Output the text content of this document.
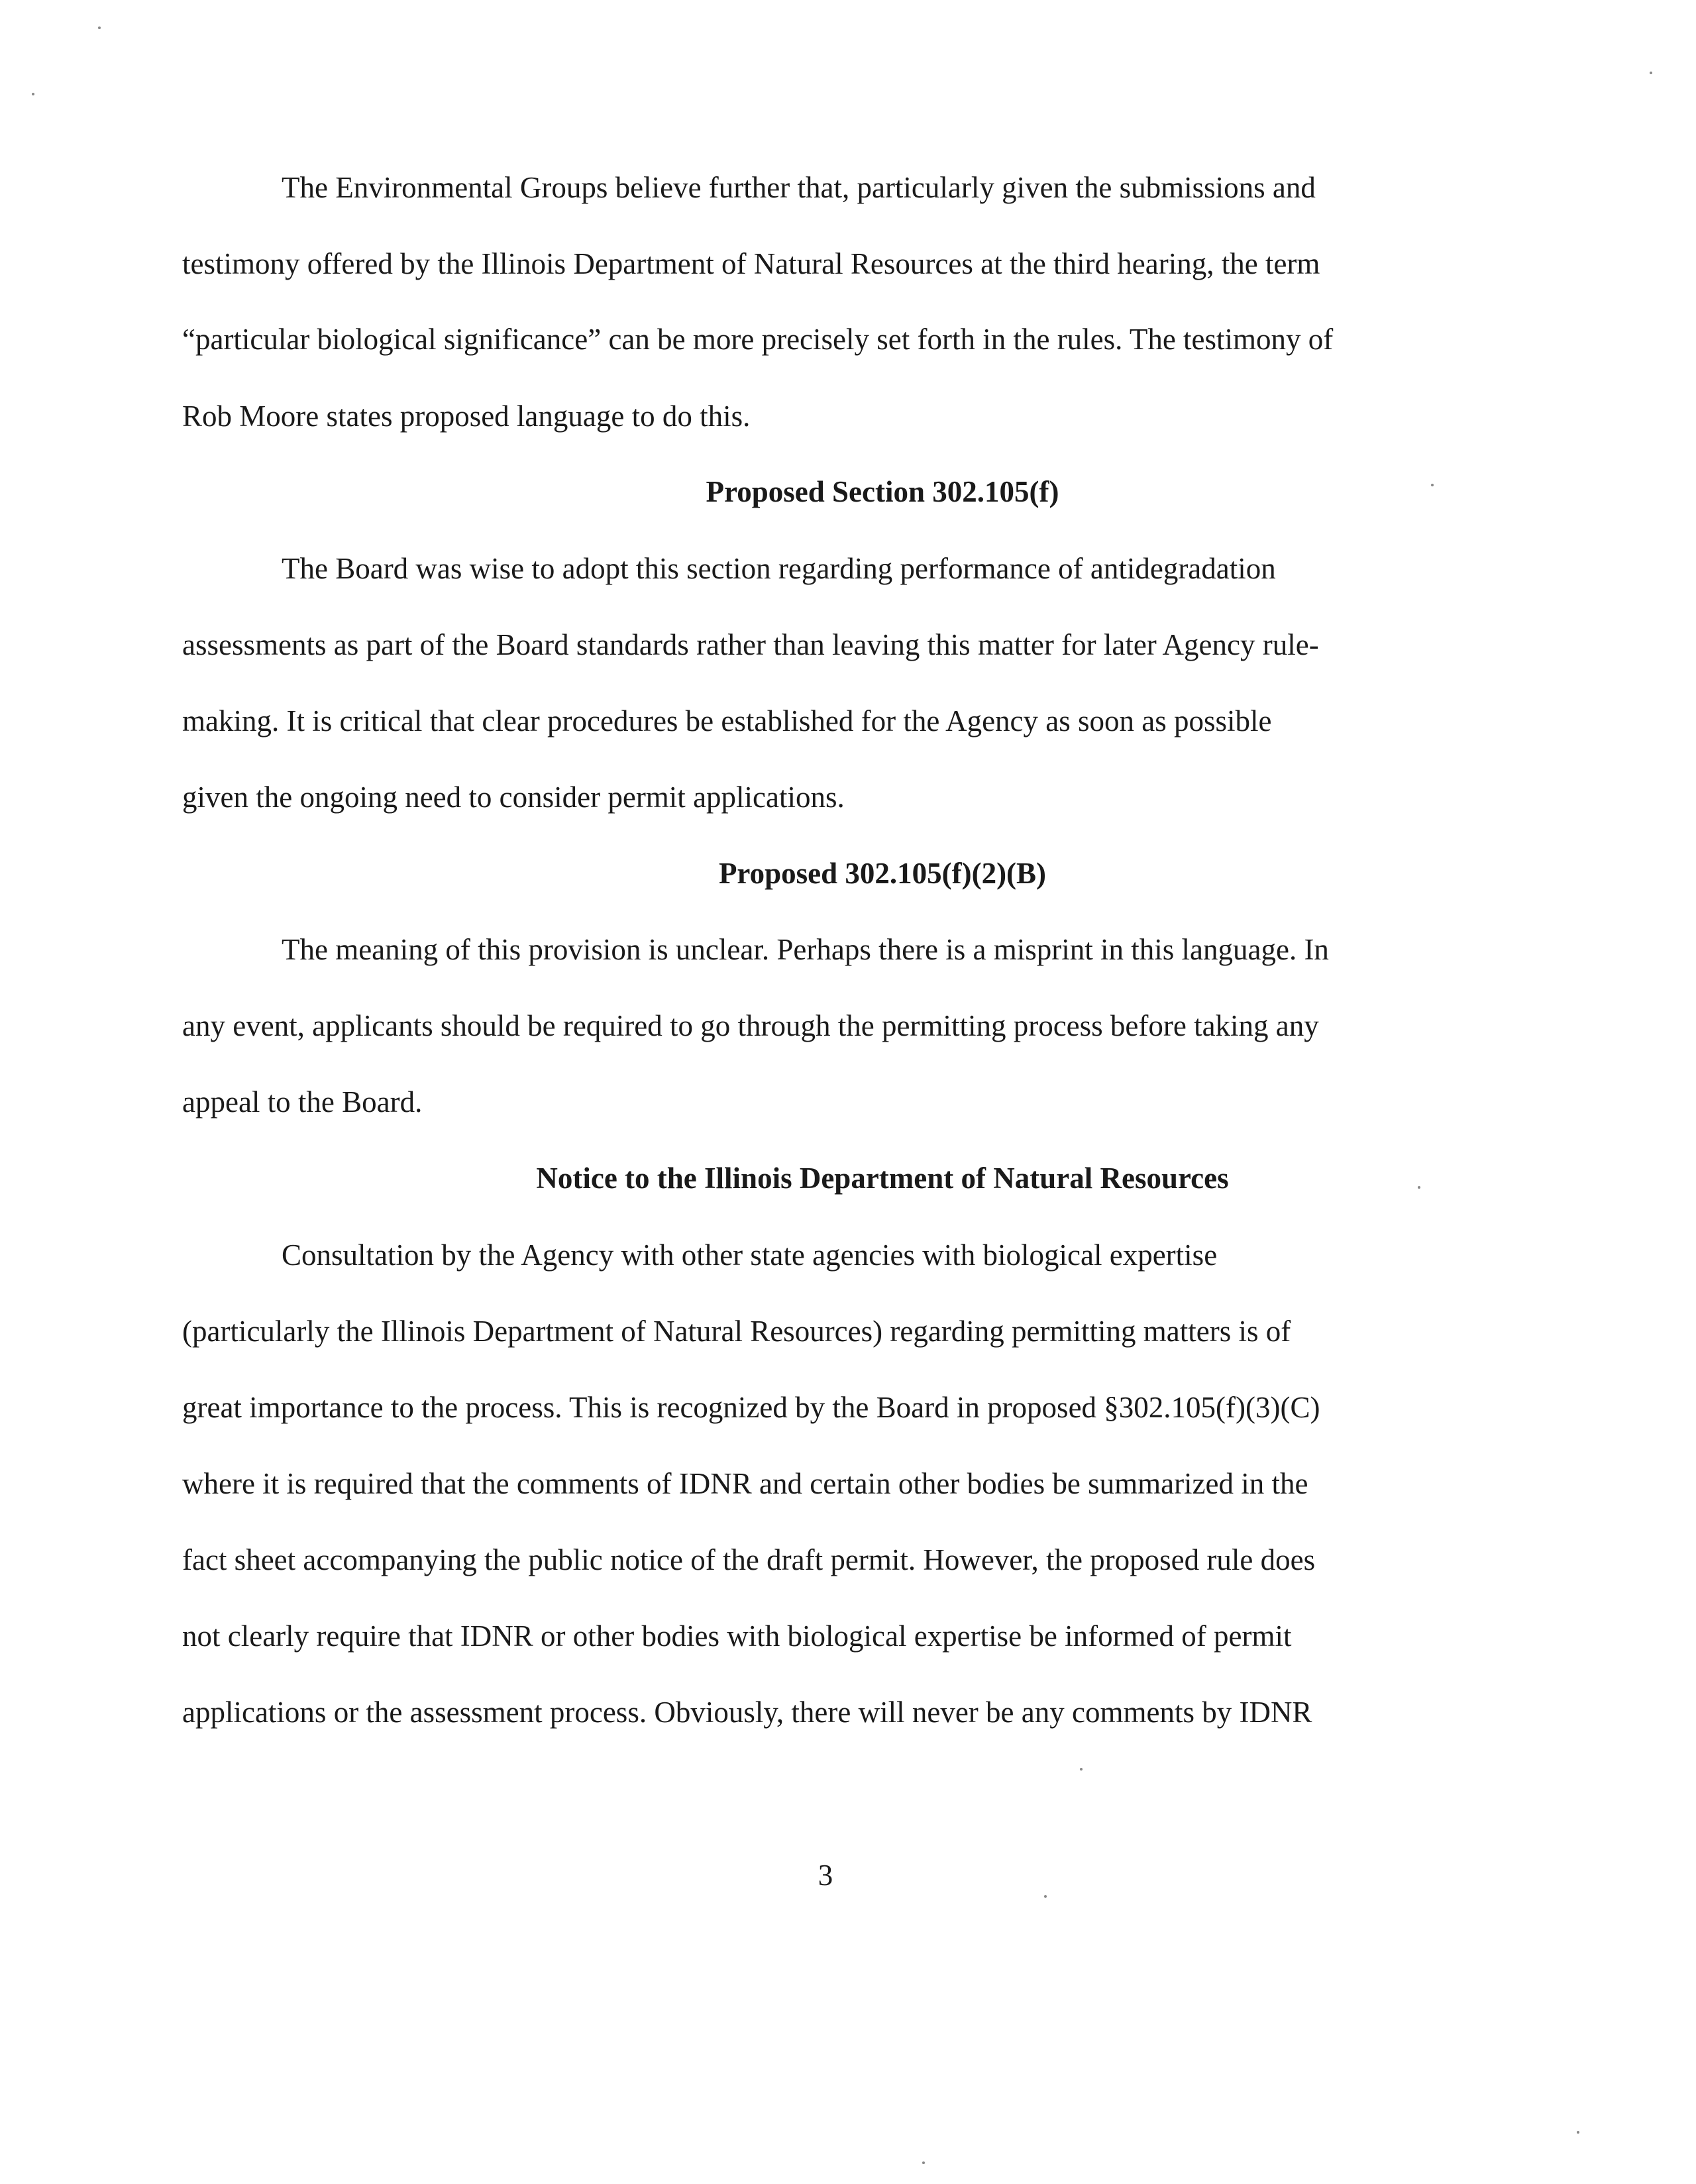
The Environmental Groups believe further that, particularly given the submissions and
testimony offered by the Illinois Department of Natural Resources at the third hearing, the term
“particular biological significance” can be more precisely set forth in the rules. The testimony of
Rob Moore states proposed language to do this.
Proposed Section 302.105(f)
The Board was wise to adopt this section regarding performance of antidegradation
assessments as part of the Board standards rather than leaving this matter for later Agency rule-
making. It is critical that clear procedures be established for the Agency as soon as possible
given the ongoing need to consider permit applications.
Proposed 302.105(f)(2)(B)
The meaning of this provision is unclear. Perhaps there is a misprint in this language. In
any event, applicants should be required to go through the permitting process before taking any
appeal to the Board.
Notice to the Illinois Department of Natural Resources
Consultation by the Agency with other state agencies with biological expertise
(particularly the Illinois Department of Natural Resources) regarding permitting matters is of
great importance to the process. This is recognized by the Board in proposed §302.105(f)(3)(C)
where it is required that the comments of IDNR and certain other bodies be summarized in the
fact sheet accompanying the public notice of the draft permit. However, the proposed rule does
not clearly require that IDNR or other bodies with biological expertise be informed of permit
applications or the assessment process. Obviously, there will never be any comments by IDNR
3
